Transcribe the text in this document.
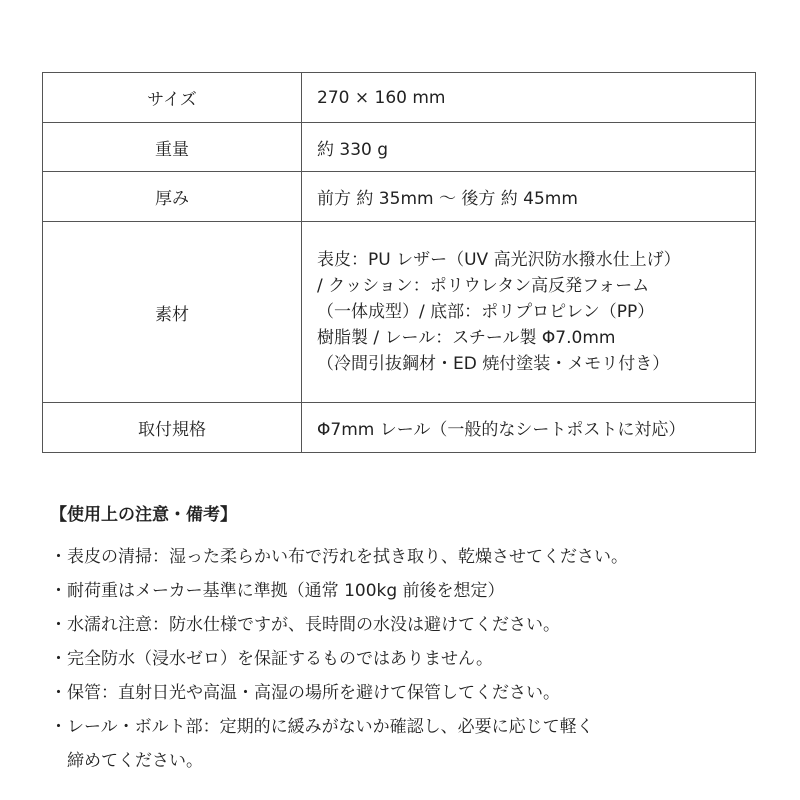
サイズ	270 × 160 mm
重量	約 330 g
厚み	前方 約 35mm 〜 後方 約 45mm
素材	表皮：PU レザー（UV 高光沢防水撥水仕上げ）
/ クッション：ポリウレタン高反発フォーム
（一体成型）/ 底部：ポリプロピレン（PP）
樹脂製 / レール：スチール製 Φ7.0mm
（冷間引抜鋼材・ED 焼付塗装・メモリ付き）

取付規格	Φ7mm レール（一般的なシートポストに対応）
【使用上の注意・備考】
・表皮の清掃：湿った柔らかい布で汚れを拭き取り、乾燥させてください。
・耐荷重はメーカー基準に準拠（通常 100kg 前後を想定）
・水濡れ注意：防水仕様ですが、長時間の水没は避けてください。
・完全防水（浸水ゼロ）を保証するものではありません。
・保管：直射日光や高温・高湿の場所を避けて保管してください。
・レール・ボルト部：定期的に緩みがないか確認し、必要に応じて軽く
締めてください。
